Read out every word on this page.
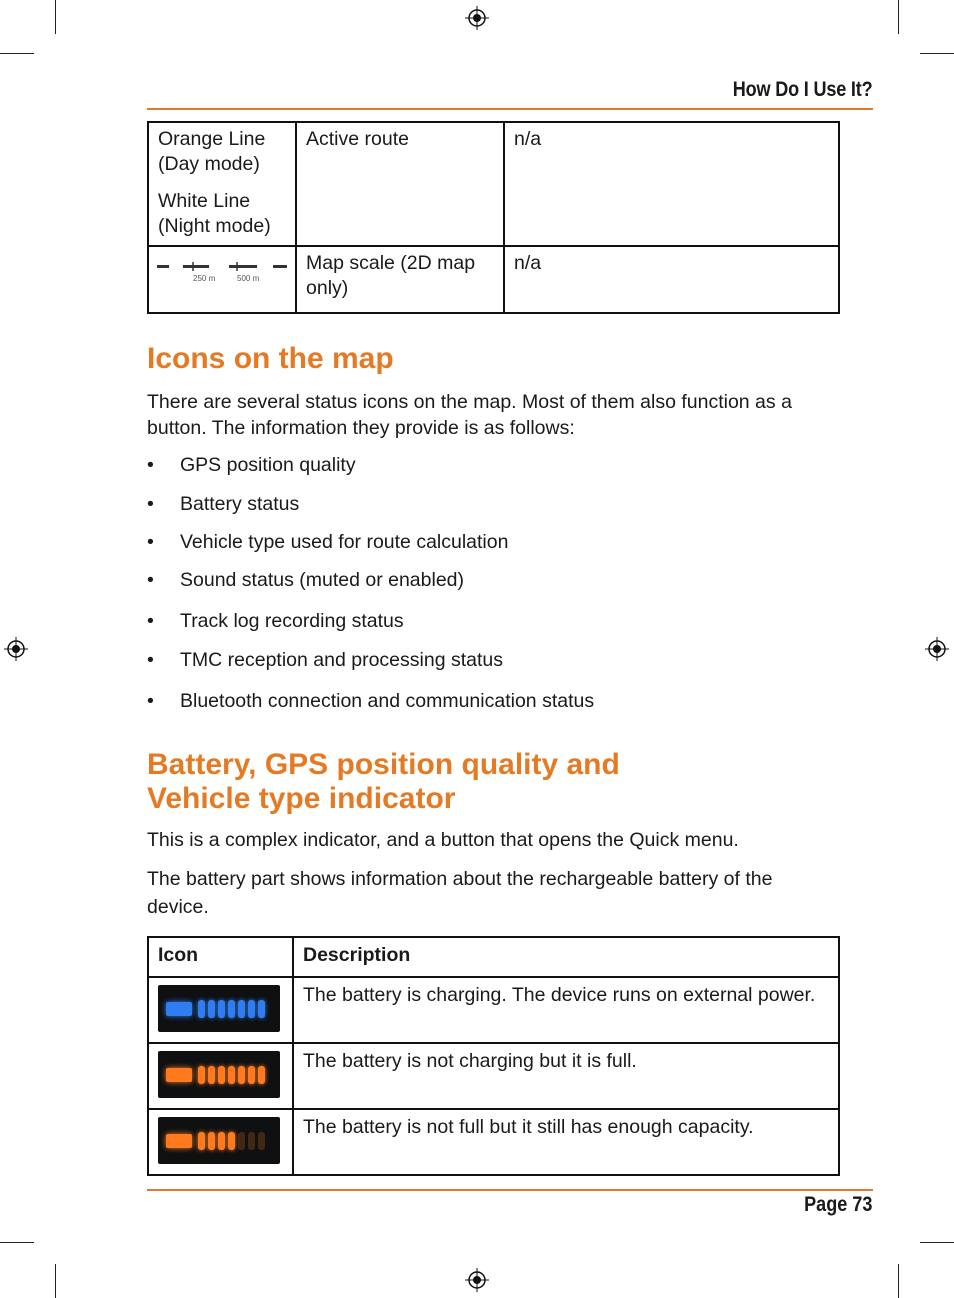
How Do I Use It?

Orange Line (Day mode)

White Line (Night mode)	Active route	n/a

250 m 500 m	Map scale (2D map only)	n/a
Icons on the map

There are several status icons on the map. Most of them also function as a button. The information they provide is as follows:

• GPS position quality
• Battery status
• Vehicle type used for route calculation
• Sound status (muted or enabled)
• Track log recording status
• TMC reception and processing status
• Bluetooth connection and communication status
Battery, GPS position quality and
Vehicle type indicator

This is a complex indicator, and a button that opens the Quick menu.

The battery part shows information about the rechargeable battery of the device.

Icon	Description

	The battery is charging. The device runs on external power.

	The battery is not charging but it is full.

	The battery is not full but it still has enough capacity.
Page 73
